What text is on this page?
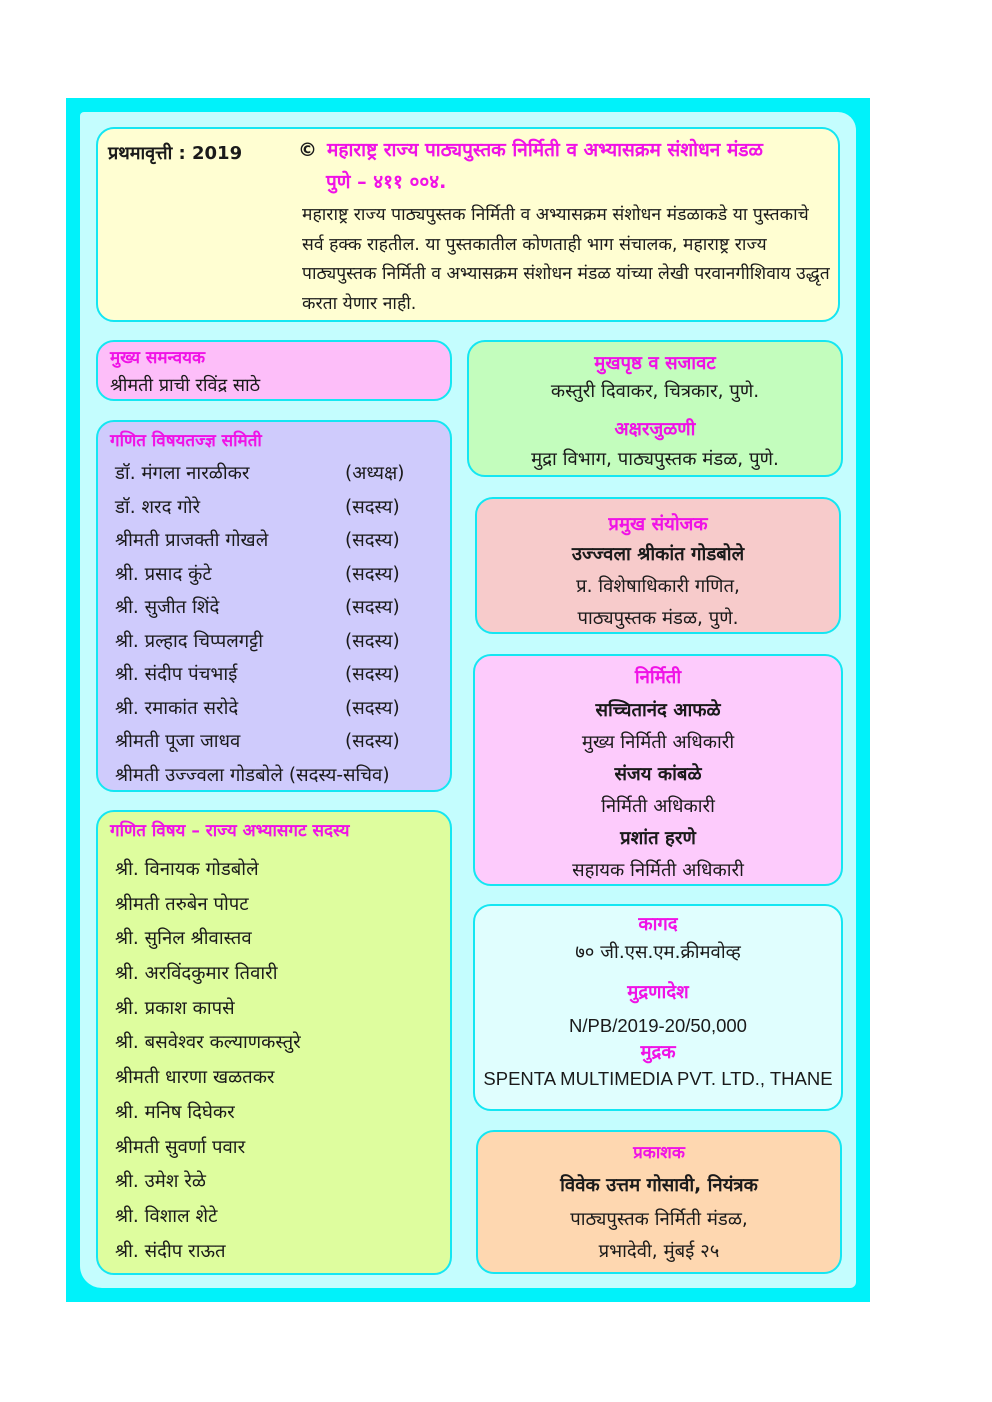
प्रथमावृत्ती : 2019	© महाराष्ट्र राज्य पाठ्यपुस्तक निर्मिती व अभ्यासक्रम संशोधन मंडळ
पुणे – ४११ ००४.
महाराष्ट्र राज्य पाठ्यपुस्तक निर्मिती व अभ्यासक्रम संशोधन मंडळाकडे या पुस्तकाचे सर्व हक्क राहतील. या पुस्तकातील कोणताही भाग संचालक, महाराष्ट्र राज्य पाठ्यपुस्तक निर्मिती व अभ्यासक्रम संशोधन मंडळ यांच्या लेखी परवानगीशिवाय उद्धृत करता येणार नाही.
मुख्य समन्वयक
श्रीमती प्राची रविंद्र साठे
गणित विषयतज्ज्ञ समिती
डॉ. मंगला नारळीकर	(अध्यक्ष)
डॉ. शरद गोरे	(सदस्य)
श्रीमती प्राजक्ती गोखले	(सदस्य)
श्री. प्रसाद कुंटे	(सदस्य)
श्री. सुजीत शिंदे	(सदस्य)
श्री. प्रल्हाद चिप्पलगट्टी	(सदस्य)
श्री. संदीप पंचभाई	(सदस्य)
श्री. रमाकांत सरोदे	(सदस्य)
श्रीमती पूजा जाधव	(सदस्य)
श्रीमती उज्ज्वला गोडबोले (सदस्य-सचिव)
गणित विषय – राज्य अभ्यासगट सदस्य
श्री. विनायक गोडबोले
श्रीमती तरुबेन पोपट
श्री. सुनिल श्रीवास्तव
श्री. अरविंदकुमार तिवारी
श्री. प्रकाश कापसे
श्री. बसवेश्वर कल्याणकस्तुरे
श्रीमती धारणा खळतकर
श्री. मनिष दिघेकर
श्रीमती सुवर्णा पवार
श्री. उमेश रेळे
श्री. विशाल शेटे
श्री. संदीप राऊत
मुखपृष्ठ व सजावट
कस्तुरी दिवाकर, चित्रकार, पुणे.
अक्षरजुळणी
मुद्रा विभाग, पाठ्यपुस्तक मंडळ, पुणे.
प्रमुख संयोजक
उज्ज्वला श्रीकांत गोडबोले
प्र. विशेषाधिकारी गणित,
पाठ्यपुस्तक मंडळ, पुणे.
निर्मिती
सच्चितानंद आफळे
मुख्य निर्मिती अधिकारी
संजय कांबळे
निर्मिती अधिकारी
प्रशांत हरणे
सहायक निर्मिती अधिकारी
कागद
७० जी.एस.एम.क्रीमवोव्ह
मुद्रणादेश
N/PB/2019-20/50,000
मुद्रक
SPENTA MULTIMEDIA PVT. LTD., THANE
प्रकाशक
विवेक उत्तम गोसावी, नियंत्रक
पाठ्यपुस्तक निर्मिती मंडळ,
प्रभादेवी, मुंबई २५
